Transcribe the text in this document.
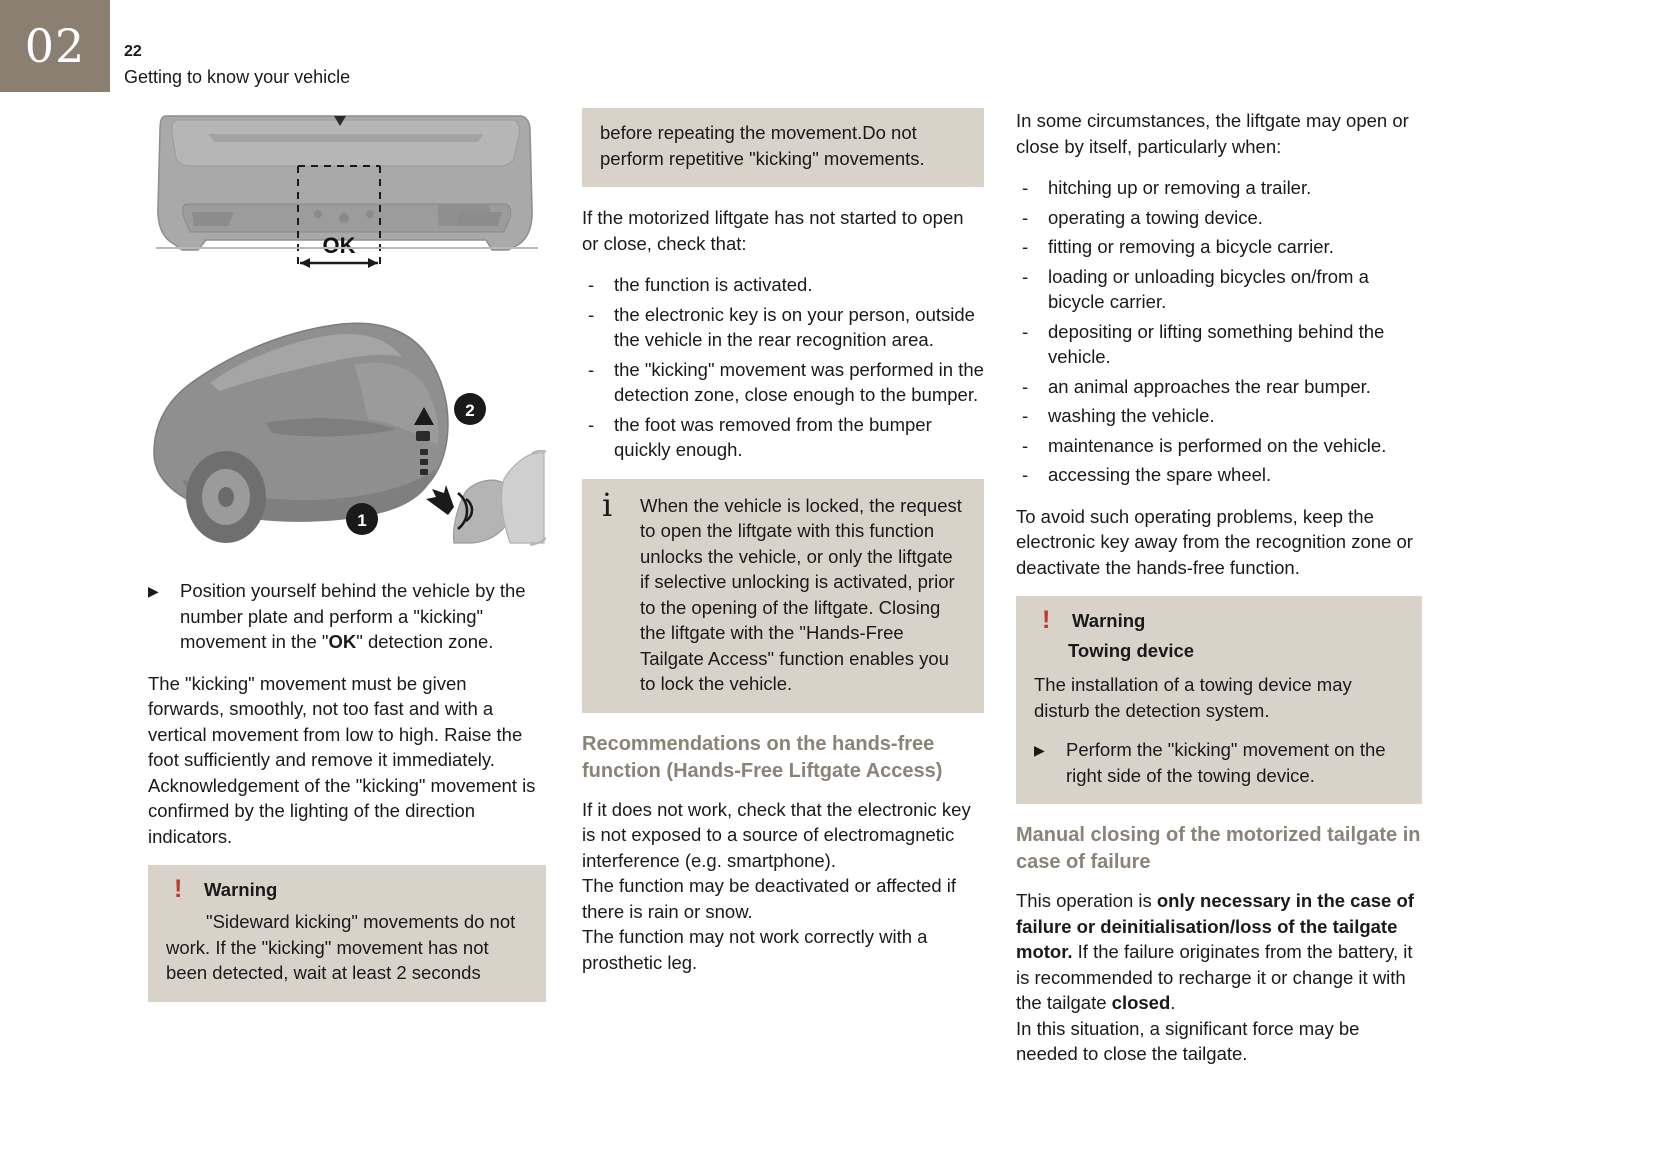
02 22
Getting to know your vehicle
OK
2
1

▶ Position yourself behind the vehicle by the number plate and perform a "kicking" movement in the "OK" detection zone.

The "kicking" movement must be given forwards, smoothly, not too fast and with a vertical movement from low to high. Raise the foot sufficiently and remove it immediately. Acknowledgement of the "kicking" movement is confirmed by the lighting of the direction indicators.

! Warning

"Sideward kicking" movements do not work. If the "kicking" movement has not been detected, wait at least 2 seconds

before repeating the movement.Do not perform repetitive "kicking" movements.

If the motorized liftgate has not started to open or close, check that:

- the function is activated.
- the electronic key is on your person, outside the vehicle in the rear recognition area.
- the "kicking" movement was performed in the detection zone, close enough to the bumper.
- the foot was removed from the bumper quickly enough.
i When the vehicle is locked, the request to open the liftgate with this function unlocks the vehicle, or only the liftgate if selective unlocking is activated, prior to the opening of the liftgate. Closing the liftgate with the "Hands-Free Tailgate Access" function enables you to lock the vehicle.

Recommendations on the hands-free function (Hands-Free Liftgate Access)

If it does not work, check that the electronic key is not exposed to a source of electromagnetic interference (e.g. smartphone).

The function may be deactivated or affected if there is rain or snow.

The function may not work correctly with a prosthetic leg.

In some circumstances, the liftgate may open or close by itself, particularly when:

- hitching up or removing a trailer.
- operating a towing device.
- fitting or removing a bicycle carrier.
- loading or unloading bicycles on/from a bicycle carrier.
- depositing or lifting something behind the vehicle.
- an animal approaches the rear bumper.
- washing the vehicle.
- maintenance is performed on the vehicle.
- accessing the spare wheel.

To avoid such operating problems, keep the electronic key away from the recognition zone or deactivate the hands-free function.

! Warning
Towing device

The installation of a towing device may disturb the detection system.

▶ Perform the "kicking" movement on the right side of the towing device.

Manual closing of the motorized tailgate in case of failure

This operation is only necessary in the case of failure or deinitialisation/loss of the tailgate motor. If the failure originates from the battery, it is recommended to recharge it or change it with the tailgate closed.

In this situation, a significant force may be needed to close the tailgate.
